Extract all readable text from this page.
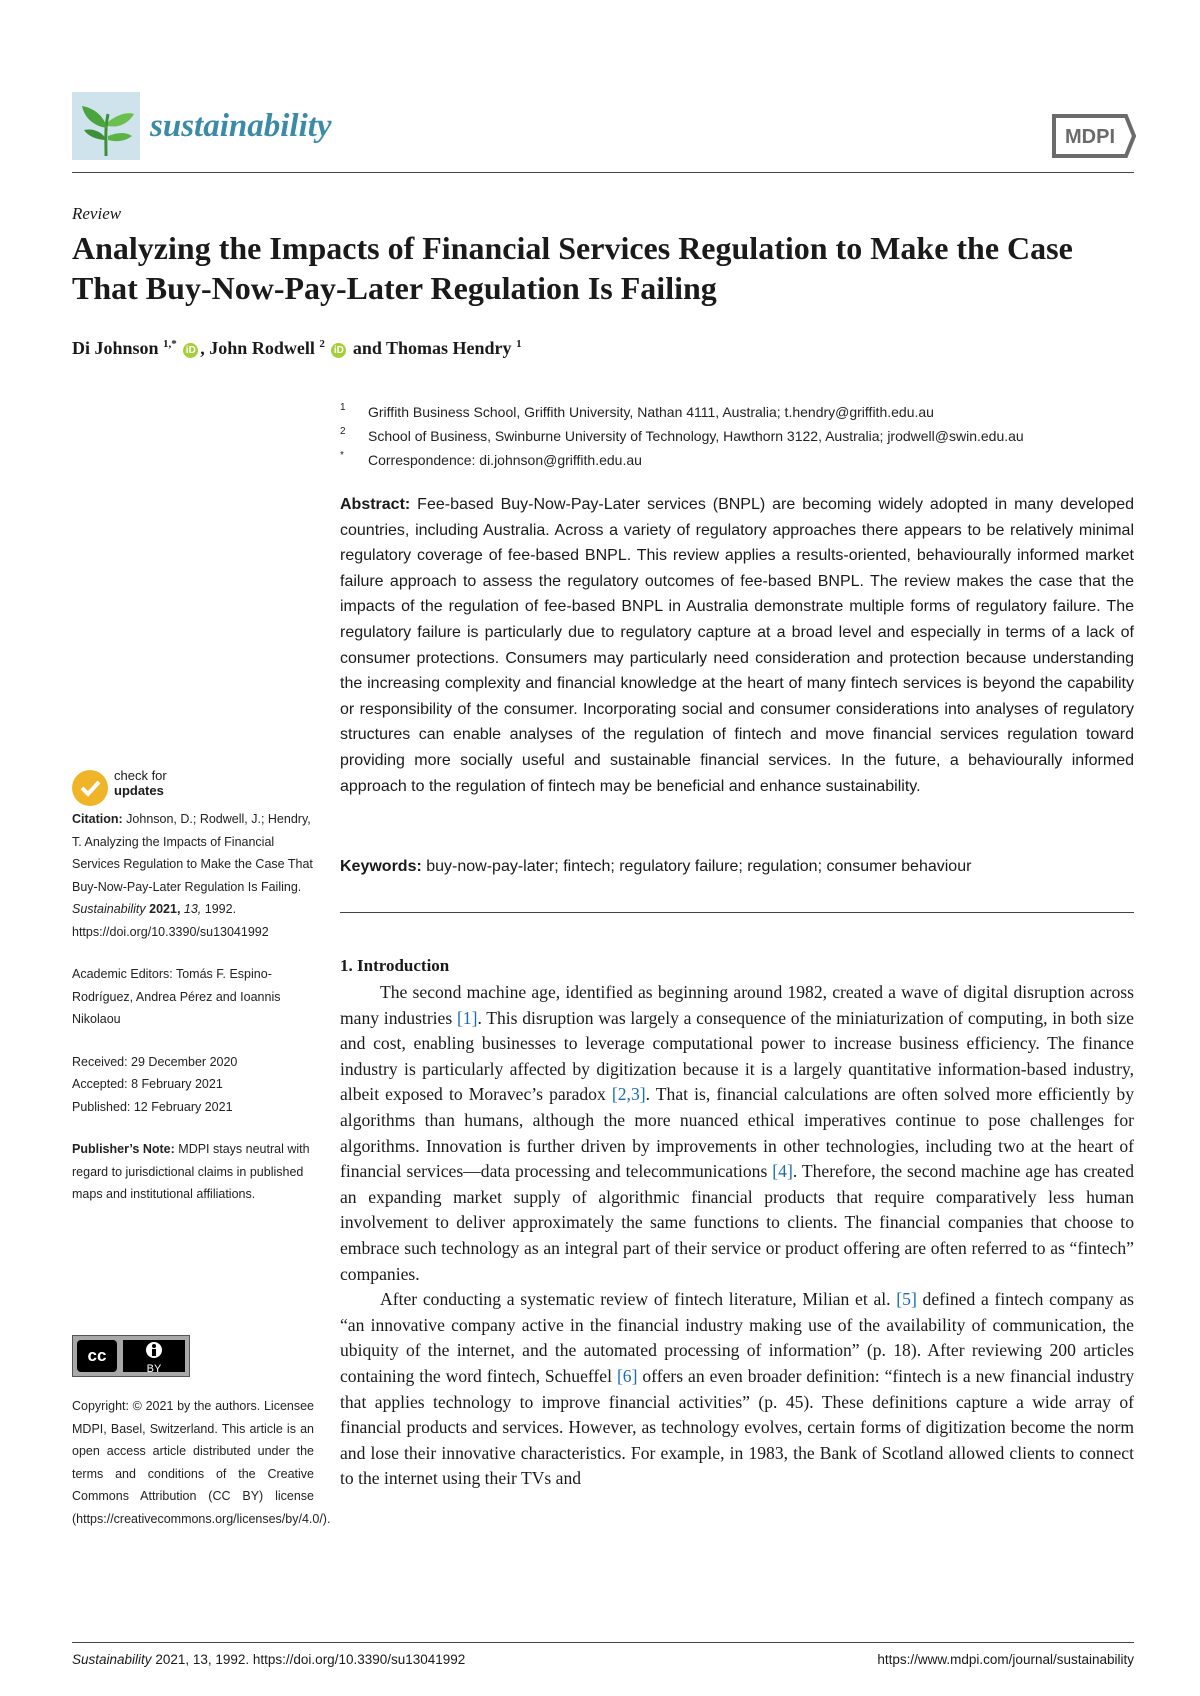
sustainability	MDPI
Review
Analyzing the Impacts of Financial Services Regulation to Make the Case That Buy-Now-Pay-Later Regulation Is Failing
Di Johnson $^{1,*}$ iD , John Rodwell $^2$ iD and Thomas Hendry $^1$
1 Griffith Business School, Griffith University, Nathan 4111, Australia; t.hendry@griffith.edu.au
2 School of Business, Swinburne University of Technology, Hawthorn 3122, Australia; jrodwell@swin.edu.au
* Correspondence: di.johnson@griffith.edu.au
Abstract: Fee-based Buy-Now-Pay-Later services (BNPL) are becoming widely adopted in many developed countries, including Australia. Across a variety of regulatory approaches there appears to be relatively minimal regulatory coverage of fee-based BNPL. This review applies a results-oriented, behaviourally informed market failure approach to assess the regulatory outcomes of fee-based BNPL. The review makes the case that the impacts of the regulation of fee-based BNPL in Australia demonstrate multiple forms of regulatory failure. The regulatory failure is particularly due to regulatory capture at a broad level and especially in terms of a lack of consumer protections. Consumers may particularly need consideration and protection because understanding the increasing complexity and financial knowledge at the heart of many fintech services is beyond the capability or responsibility of the consumer. Incorporating social and consumer considerations into analyses of regulatory structures can enable analyses of the regulation of fintech and move financial services regulation toward providing more socially useful and sustainable financial services. In the future, a behaviourally informed approach to the regulation of fintech may be beneficial and enhance sustainability.
Keywords: buy-now-pay-later; fintech; regulatory failure; regulation; consumer behaviour
check for
updates

Citation: Johnson, D.; Rodwell, J.; Hendry, T. Analyzing the Impacts of Financial Services Regulation to Make the Case That Buy-Now-Pay-Later Regulation Is Failing. Sustainability 2021, 13, 1992. https://doi.org/10.3390/su13041992

Academic Editors: Tomás F. Espino-Rodríguez, Andrea Pérez and Ioannis Nikolaou

Received: 29 December 2020

Accepted: 8 February 2021

Published: 12 February 2021

Publisher’s Note: MDPI stays neutral with regard to jurisdictional claims in published maps and institutional affiliations.

cc
BY
Copyright: © 2021 by the authors. Licensee MDPI, Basel, Switzerland. This article is an open access article distributed under the terms and conditions of the Creative Commons Attribution (CC BY) license (https://creativecommons.org/licenses/by/4.0/).
1. Introduction

The second machine age, identified as beginning around 1982, created a wave of digital disruption across many industries [1]. This disruption was largely a consequence of the miniaturization of computing, in both size and cost, enabling businesses to leverage computational power to increase business efficiency. The finance industry is particularly affected by digitization because it is a largely quantitative information-based industry, albeit exposed to Moravec’s paradox [2,3]. That is, financial calculations are often solved more efficiently by algorithms than humans, although the more nuanced ethical imperatives continue to pose challenges for algorithms. Innovation is further driven by improvements in other technologies, including two at the heart of financial services—data processing and telecommunications [4]. Therefore, the second machine age has created an expanding market supply of algorithmic financial products that require comparatively less human involvement to deliver approximately the same functions to clients. The financial companies that choose to embrace such technology as an integral part of their service or product offering are often referred to as “fintech” companies.

After conducting a systematic review of fintech literature, Milian et al. [5] defined a fintech company as “an innovative company active in the financial industry making use of the availability of communication, the ubiquity of the internet, and the automated processing of information” (p. 18). After reviewing 200 articles containing the word fintech, Schueffel [6] offers an even broader definition: “fintech is a new financial industry that applies technology to improve financial activities” (p. 45). These definitions capture a wide array of financial products and services. However, as technology evolves, certain forms of digitization become the norm and lose their innovative characteristics. For example, in 1983, the Bank of Scotland allowed clients to connect to the internet using their TVs and

Sustainability 2021, 13, 1992. https://doi.org/10.3390/su13041992	https://www.mdpi.com/journal/sustainability
